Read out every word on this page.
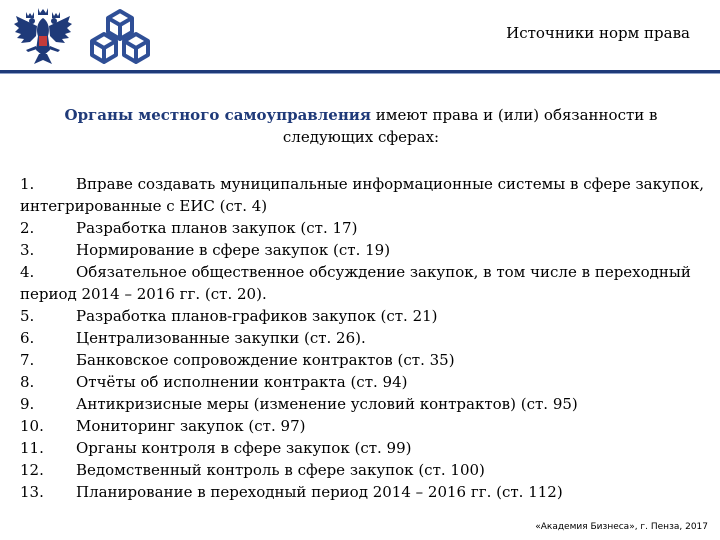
Источники норм права
Органы местного самоуправления имеют права и (или) обязанности в следующих сферах:
1.	Вправе создавать муниципальные информационные системы в сфере закупок, интегрированные с ЕИС (ст. 4)
2.	Разработка планов закупок (ст. 17)
3.	Нормирование в сфере закупок (ст. 19)
4.	Обязательное общественное обсуждение закупок, в том числе в переходный период 2014 – 2016 гг. (ст. 20).
5.	Разработка планов-графиков закупок (ст. 21)
6.	Централизованные закупки (ст. 26).
7.	Банковское сопровождение контрактов (ст. 35)
8.	Отчёты об исполнении контракта (ст. 94)
9.	Антикризисные меры (изменение условий контрактов) (ст. 95)
10. Мониторинг закупок (ст. 97)
11. Органы контроля в сфере закупок (ст. 99)
12. Ведомственный контроль в сфере закупок (ст. 100)
13. Планирование в переходный период 2014 – 2016 гг. (ст. 112)
«Академия Бизнеса», г. Пенза, 2017
